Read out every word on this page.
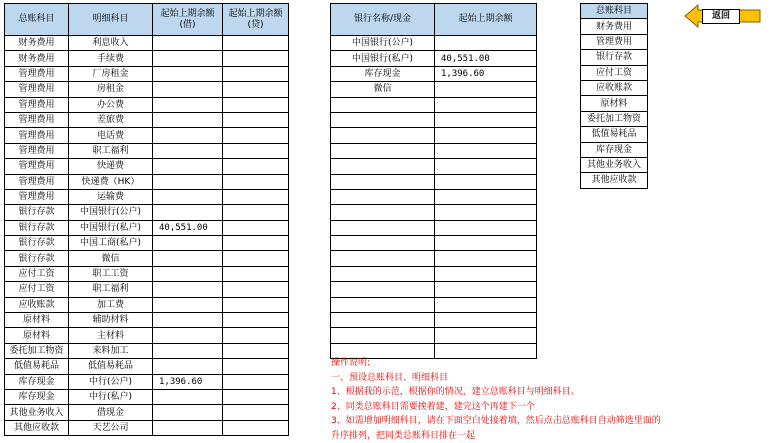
总账科目	明细科目	起始上期余额(借)	起始上期余额(贷)
财务费用	利息收入		
财务费用	手续费		
管理费用	厂房租金		
管理费用	房租金		
管理费用	办公费		
管理费用	差旅费		
管理费用	电话费		
管理费用	职工福利		
管理费用	快递费		
管理费用	快递费（HK）		
管理费用	运输费		
银行存款	中国银行(公户)		
银行存款	中国银行(私户)	40,551.00	
银行存款	中国工商(私户)		
银行存款	微信		
应付工资	职工工资		
应付工资	职工福利		
应收账款	加工费		
原材料	辅助材料		
原材料	主材料		
委托加工物资	来料加工		
低值易耗品	低值易耗品		
库存现金	中行(公户)	1,396.60	
库存现金	中行(私户)		
其他业务收入	借现金		
其他应收款	天艺公司		
银行名称/现金	起始上期余额
中国银行(公户)	
中国银行(私户)	40,551.00
库存现金	1,396.60
微信	

总账科目
财务费用
管理费用
银行存款
应付工资
应收账款
原材料
委托加工物资
低值易耗品
库存现金
其他业务收入
其他应收款
返回
操作说明:
一、预设总账科目、明细科目
1、根据我的示范，根据你的情况，建立总账科目与明细科目。
2、同类总账科目需要挨着建，建完这个再建下一个
3、如需增加明细科目，请在下面空白处接着填，然后点击总账科目自动筛选里面的
升序排列，把同类总账科目排在一起
